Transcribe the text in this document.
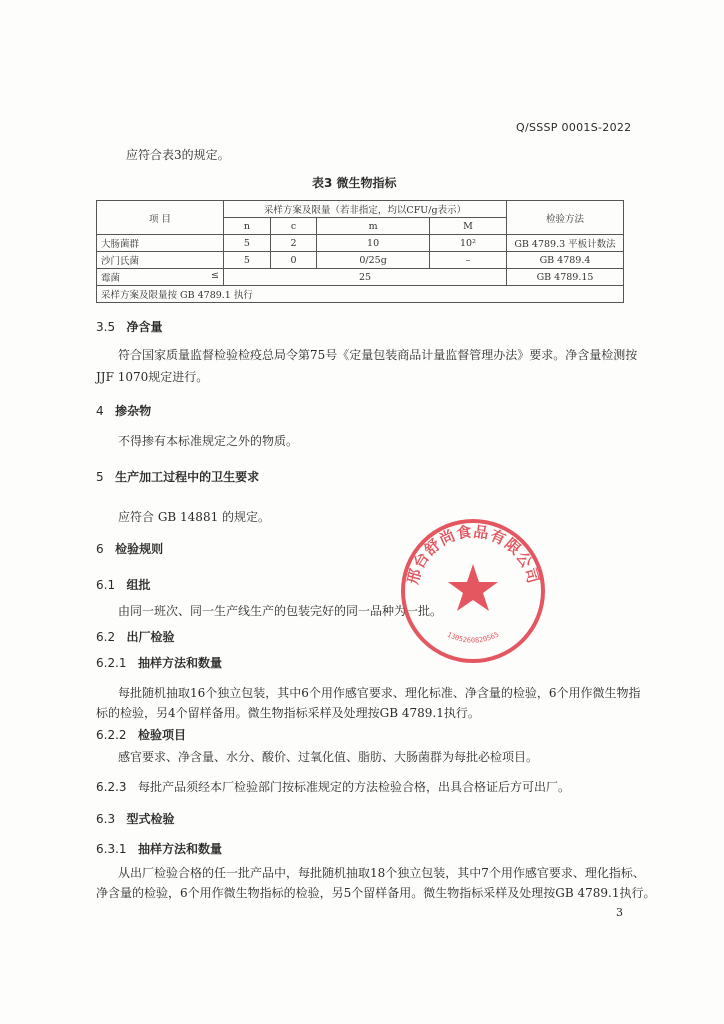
Q/SSSP 0001S-2022
应符合表3的规定。
表3 微生物指标
项 目	采样方案及限量（若非指定，均以CFU/g表示）				检验方法
	n	c	m	M	
大肠菌群	5	2	10	10²	GB 4789.3 平板计数法
沙门氏菌	5	0	0/25g	–	GB 4789.4
霉菌 ≤	25				GB 4789.15
采样方案及限量按 GB 4789.1 执行					
3.5 净含量
符合国家质量监督检验检疫总局令第75号《定量包装商品计量监督管理办法》要求。净含量检测按
JJF 1070规定进行。
4 掺杂物
不得掺有本标准规定之外的物质。
5 生产加工过程中的卫生要求
应符合 GB 14881 的规定。
6 检验规则
6.1 组批
由同一班次、同一生产线生产的包装完好的同一品种为一批。
6.2 出厂检验
6.2.1 抽样方法和数量
每批随机抽取16个独立包装，其中6个用作感官要求、理化标准、净含量的检验，6个用作微生物指
标的检验，另4个留样备用。微生物指标采样及处理按GB 4789.1执行。
6.2.2 检验项目
感官要求、净含量、水分、酸价、过氧化值、脂肪、大肠菌群为每批必检项目。
6.2.3 每批产品须经本厂检验部门按标准规定的方法检验合格，出具合格证后方可出厂。
6.3 型式检验
6.3.1 抽样方法和数量
从出厂检验合格的任一批产品中，每批随机抽取18个独立包装，其中7个用作感官要求、理化指标、
净含量的检验，6个用作微生物指标的检验，另5个留样备用。微生物指标采样及处理按GB 4789.1执行。
3
邢台舒尚食品有限公司
1305260820565
